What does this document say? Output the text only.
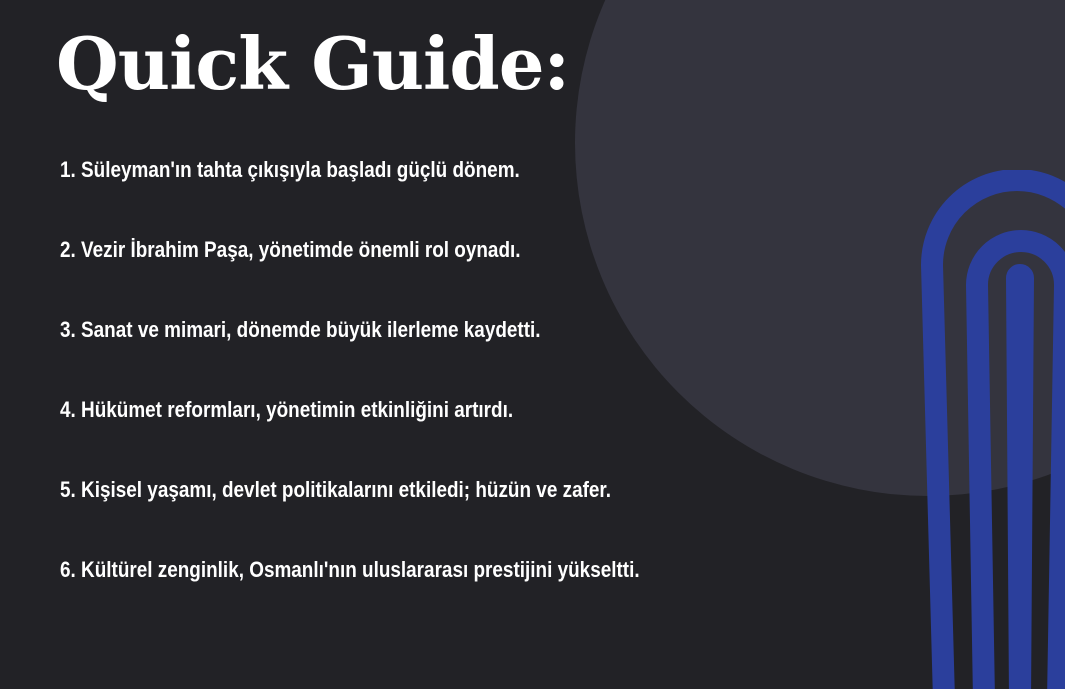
Quick Guide:
1. Süleyman'ın tahta çıkışıyla başladı güçlü dönem.
2. Vezir İbrahim Paşa, yönetimde önemli rol oynadı.
3. Sanat ve mimari, dönemde büyük ilerleme kaydetti.
4. Hükümet reformları, yönetimin etkinliğini artırdı.
5. Kişisel yaşamı, devlet politikalarını etkiledi; hüzün ve zafer.
6. Kültürel zenginlik, Osmanlı'nın uluslararası prestijini yükseltti.
